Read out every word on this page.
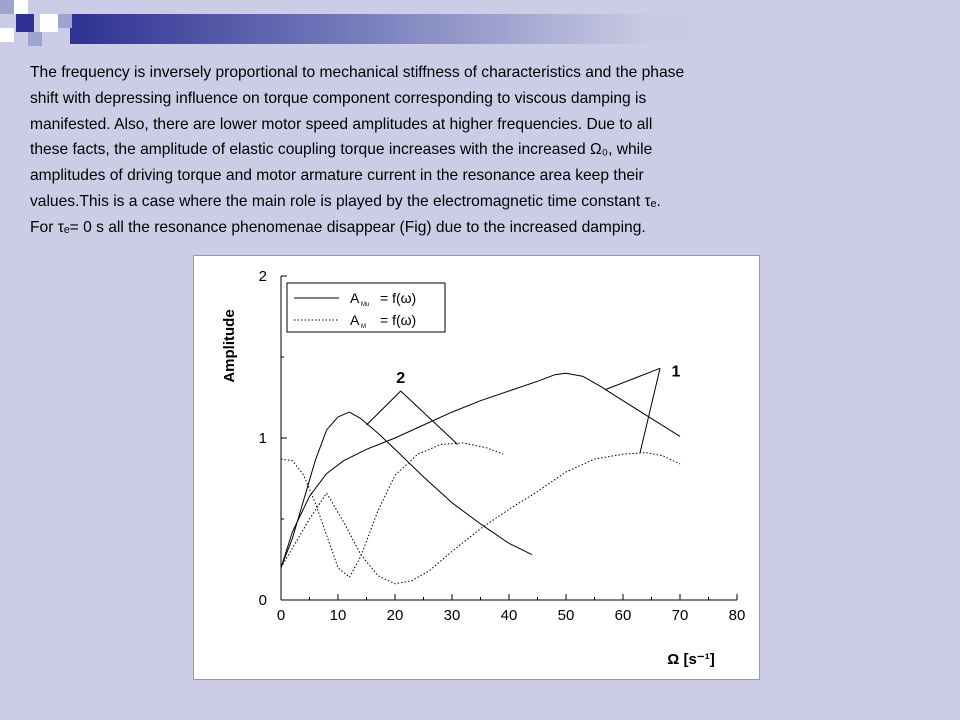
The frequency is inversely proportional to mechanical stiffness of characteristics and the phase
shift with depressing influence on torque component corresponding to viscous damping is
manifested. Also, there are lower motor speed amplitudes at higher frequencies. Due to all
these facts, the amplitude of elastic coupling torque increases with the increased Ω₀, while
amplitudes of driving torque and motor armature current in the resonance area keep their
values.This is a case where the main role is played by the electromagnetic time constant τₑ.
For τₑ= 0 s all the resonance phenomenae disappear (Fig) due to the increased damping.
0	10	20	30	40	50	60	70	80
0
1
2
A Mu = f(ω)
A M = f(ω)
1
2
Amplitude
Ω [s⁻¹]
